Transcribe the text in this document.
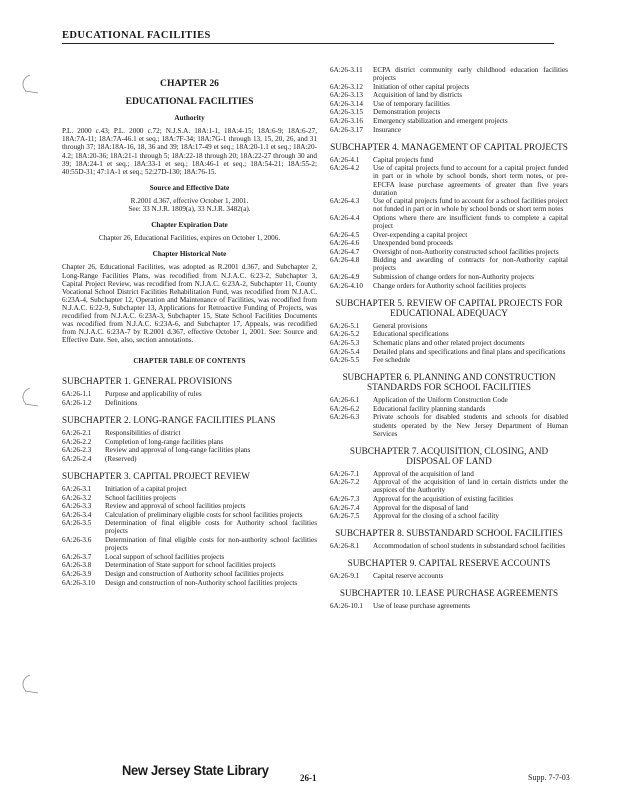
EDUCATIONAL FACILITIES
CHAPTER 26
EDUCATIONAL FACILITIES
Authority
P.L. 2000 c.43; P.L. 2000 c.72; N.J.S.A. 18A:1-1, 18A:4-15; 18A:6-9; 18A:6-27, 18A:7A-11; 18A:7A-46.1 et seq.; 18A:7F-34; 18A:7G-1 through 13, 15, 20, 26, and 31 through 37; 18A:18A-16, 18, 36 and 39; 18A:17-49 et seq.; 18A:20-1.1 et seq.; 18A:20-4.2; 18A:20-36; 18A:21-1 through 5; 18A:22-18 through 20; 18A:22-27 through 30 and 39; 18A:24-1 et seq.; 18A:33-1 et seq.; 18A:46-1 et seq.; 18A:54-21; 18A:55-2; 40:55D-31; 47:1A-1 et seq.; 52:27D-130; 18A:76-15.
Source and Effective Date
R.2001 d.367, effective October 1, 2001.
See: 33 N.J.R. 1809(a), 33 N.J.R. 3482(a).
Chapter Expiration Date
Chapter 26, Educational Facilities, expires on October 1, 2006.
Chapter Historical Note
Chapter 26, Educational Facilities, was adopted as R.2001 d.367, and Subchapter 2, Long-Range Facilities Plans, was recodified from N.J.A.C. 6:23-2, Subchapter 3, Capital Project Review, was recodified from N.J.A.C. 6:23A-2, Subchapter 11, County Vocational School District Facilities Rehabilitation Fund, was recodified from N.J.A.C. 6:23A-4, Subchapter 12, Operation and Maintenance of Facilities, was recodified from N.J.A.C. 6:22-9, Subchapter 13, Applications for Retroactive Funding of Projects, was recodified from N.J.A.C. 6:23A-3, Subchapter 15, State School Facilities Documents was recodified from N.J.A.C. 6:23A-6, and Subchapter 17, Appeals, was recodified from N.J.A.C. 6:23A-7 by R.2001 d.367, effective October 1, 2001. See: Source and Effective Date. See, also, section annotations.
CHAPTER TABLE OF CONTENTS
SUBCHAPTER 1. GENERAL PROVISIONS
6A:26-1.1	Purpose and applicability of rules
6A:26-1.2	Definitions
SUBCHAPTER 2. LONG-RANGE FACILITIES PLANS
6A:26-2.1	Responsibilities of district
6A:26-2.2	Completion of long-range facilities plans
6A:26-2.3	Review and approval of long-range facilities plans
6A:26-2.4	(Reserved)
SUBCHAPTER 3. CAPITAL PROJECT REVIEW
6A:26-3.1	Initiation of a capital project
6A:26-3.2	School facilities projects
6A:26-3.3	Review and approval of school facilities projects
6A:26-3.4	Calculation of preliminary eligible costs for school facilities projects
6A:26-3.5	Determination of final eligible costs for Authority school facilities projects
6A:26-3.6	Determination of final eligible costs for non-authority school facilities projects
6A:26-3.7	Local support of school facilities projects
6A:26-3.8	Determination of State support for school facilities projects
6A:26-3.9	Design and construction of Authority school facilities projects
6A:26-3.10	Design and construction of non-Authority school facilities projects
6A:26-3.11	ECPA district community early childhood education facilities projects
6A:26-3.12	Initiation of other capital projects
6A:26-3.13	Acquisition of land by districts
6A:26-3.14	Use of temporary facilities
6A:26-3.15	Demonstration projects
6A:26-3.16	Emergency stabilization and emergent projects
6A:26-3.17	Insurance
SUBCHAPTER 4. MANAGEMENT OF CAPITAL PROJECTS
6A:26-4.1	Capital projects fund
6A:26-4.2	Use of capital projects fund to account for a capital project funded in part or in whole by school bonds, short term notes, or pre-EFCFA lease purchase agreements of greater than five years duration
6A:26-4.3	Use of capital projects fund to account for a school facilities project not funded in part or in whole by school bonds or short term notes
6A:26-4.4	Options where there are insufficient funds to complete a capital project
6A:26-4.5	Over-expending a capital project
6A:26-4.6	Unexpended bond proceeds
6A:26-4.7	Oversight of non-Authority constructed school facilities projects
6A:26-4.8	Bidding and awarding of contracts for non-Authority capital projects
6A:26-4.9	Submission of change orders for non-Authority projects
6A:26-4.10	Change orders for Authority school facilities projects
SUBCHAPTER 5. REVIEW OF CAPITAL PROJECTS FOR EDUCATIONAL ADEQUACY
6A:26-5.1	General provisions
6A:26-5.2	Educational specifications
6A:26-5.3	Schematic plans and other related project documents
6A:26-5.4	Detailed plans and specifications and final plans and specifications
6A:26-5.5	Fee schedule
SUBCHAPTER 6. PLANNING AND CONSTRUCTION STANDARDS FOR SCHOOL FACILITIES
6A:26-6.1	Application of the Uniform Construction Code
6A:26-6.2	Educational facility planning standards
6A:26-6.3	Private schools for disabled students and schools for disabled students operated by the New Jersey Department of Human Services
SUBCHAPTER 7. ACQUISITION, CLOSING, AND DISPOSAL OF LAND
6A:26-7.1	Approval of the acquisition of land
6A:26-7.2	Approval of the acquisition of land in certain districts under the auspices of the Authority
6A:26-7.3	Approval for the acquisition of existing facilities
6A:26-7.4	Approval for the disposal of land
6A:26-7.5	Approval for the closing of a school facility
SUBCHAPTER 8. SUBSTANDARD SCHOOL FACILITIES
6A:26-8.1	Accommodation of school students in substandard school facilities
SUBCHAPTER 9. CAPITAL RESERVE ACCOUNTS
6A:26-9.1	Capital reserve accounts
SUBCHAPTER 10. LEASE PURCHASE AGREEMENTS
6A:26-10.1	Use of lease purchase agreements
New Jersey State Library	26-1	Supp. 7-7-03
